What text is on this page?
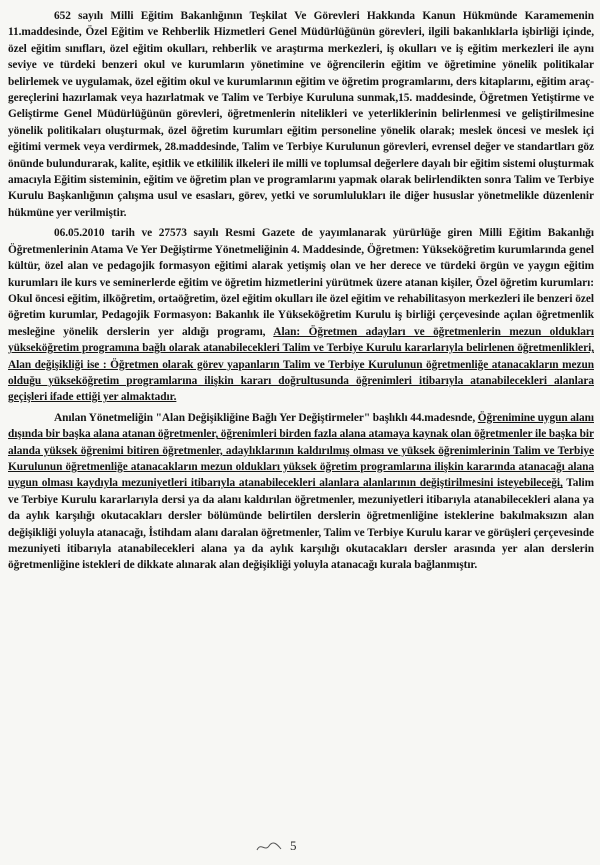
652 sayılı Milli Eğitim Bakanlığının Teşkilat Ve Görevleri Hakkında Kanun Hükmünde Karamemenin 11.maddesinde, Özel Eğitim ve Rehberlik Hizmetleri Genel Müdürlüğünün görevleri, ilgili bakanlıklarla işbirliği içinde, özel eğitim sınıfları, özel eğitim okulları, rehberlik ve araştırma merkezleri, iş okulları ve iş eğitim merkezleri ile aynı seviye ve türdeki benzeri okul ve kurumların yönetimine ve öğrencilerin eğitim ve öğretimine yönelik politikalar belirlemek ve uygulamak, özel eğitim okul ve kurumlarının eğitim ve öğretim programlarını, ders kitaplarını, eğitim araç-gereçlerini hazırlamak veya hazırlatmak ve Talim ve Terbiye Kuruluna sunmak,15. maddesinde, Öğretmen Yetiştirme ve Geliştirme Genel Müdürlüğünün görevleri, öğretmenlerin nitelikleri ve yeterliklerinin belirlenmesi ve geliştirilmesine yönelik politikaları oluşturmak, özel öğretim kurumları eğitim personeline yönelik olarak; meslek öncesi ve meslek içi eğitimi vermek veya verdirmek, 28.maddesinde, Talim ve Terbiye Kurulunun görevleri, evrensel değer ve standartları göz önünde bulundurarak, kalite, eşitlik ve etkililik ilkeleri ile milli ve toplumsal değerlere dayalı bir eğitim sistemi oluşturmak amacıyla Eğitim sisteminin, eğitim ve öğretim plan ve programlarını yapmak olarak belirlendikten sonra Talim ve Terbiye Kurulu Başkanlığının çalışma usul ve esasları, görev, yetki ve sorumlulukları ile diğer hususlar yönetmelikle düzenlenir hükmüne yer verilmiştir.

06.05.2010 tarih ve 27573 sayılı Resmi Gazete de yayımlanarak yürürlüğe giren Milli Eğitim Bakanlığı Öğretmenlerinin Atama Ve Yer Değiştirme Yönetmeliğinin 4. Maddesinde, Öğretmen: Yükseköğretim kurumlarında genel kültür, özel alan ve pedagojik formasyon eğitimi alarak yetişmiş olan ve her derece ve türdeki örgün ve yaygın eğitim kurumları ile kurs ve seminerlerde eğitim ve öğretim hizmetlerini yürütmek üzere atanan kişiler, Özel öğretim kurumları: Okul öncesi eğitim, ilköğretim, ortaöğretim, özel eğitim okulları ile özel eğitim ve rehabilitasyon merkezleri ile benzeri özel öğretim kurumlar, Pedagojik Formasyon: Bakanlık ile Yükseköğretim Kurulu iş birliği çerçevesinde açılan öğretmenlik mesleğine yönelik derslerin yer aldığı programı, Alan: Öğretmen adayları ve öğretmenlerin mezun oldukları yükseköğretim programına bağlı olarak atanabilecekleri Talim ve Terbiye Kurulu kararlarıyla belirlenen öğretmenlikleri, Alan değişikliği ise : Öğretmen olarak görev yapanların Talim ve Terbiye Kurulunun öğretmenliğe atanacakların mezun olduğu yükseköğretim programlarına ilişkin kararı doğrultusunda öğrenimleri itibarıyla atanabilecekleri alanlara geçişleri ifade ettiği yer almaktadır.

Anılan Yönetmeliğin "Alan Değişikliğine Bağlı Yer Değiştirmeler" başlıklı 44.madesnde, Öğrenimine uygun alanı dışında bir başka alana atanan öğretmenler, öğrenimleri birden fazla alana atamaya kaynak olan öğretmenler ile başka bir alanda yüksek öğrenimi bitiren öğretmenler, adaylıklarının kaldırılmış olması ve yüksek öğrenimlerinin Talim ve Terbiye Kurulunun öğretmenliğe atanacakların mezun oldukları yüksek öğretim programlarına ilişkin kararında atanacağı alana uygun olması kaydıyla mezuniyetleri itibarıyla atanabilecekleri alanlara alanlarının değiştirilmesini isteyebileceği, Talim ve Terbiye Kurulu kararlarıyla dersi ya da alanı kaldırılan öğretmenler, mezuniyetleri itibarıyla atanabilecekleri alana ya da aylık karşılığı okutacakları dersler bölümünde belirtilen derslerin öğretmenliğine isteklerine bakılmaksızın alan değişikliği yoluyla atanacağı, İstihdam alanı daralan öğretmenler, Talim ve Terbiye Kurulu karar ve görüşleri çerçevesinde mezuniyeti itibarıyla atanabilecekleri alana ya da aylık karşılığı okutacakları dersler arasında yer alan derslerin öğretmenliğine istekleri de dikkate alınarak alan değişikliği yoluyla atanacağı kurala bağlanmıştır.

5
